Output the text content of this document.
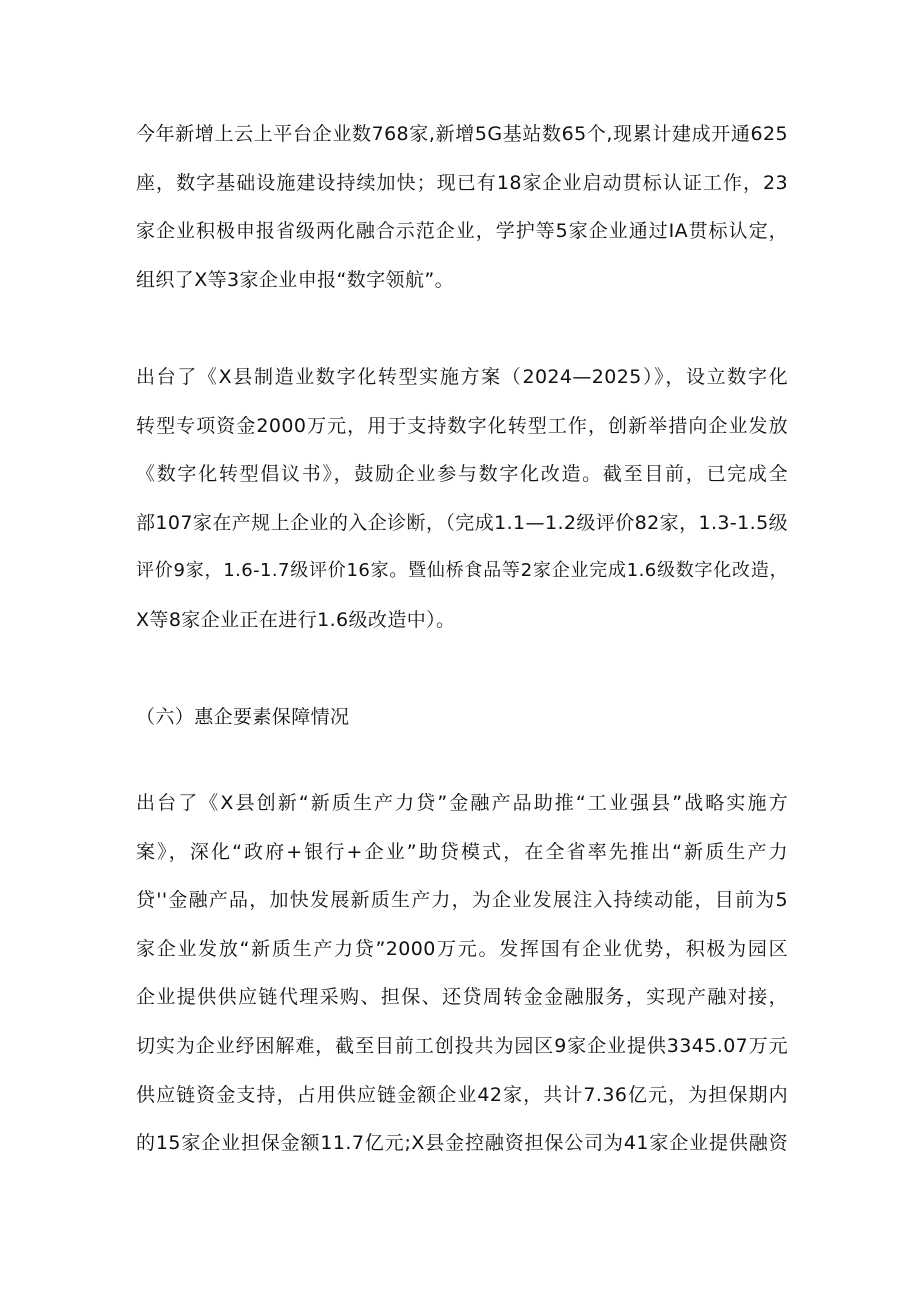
今年新增上云上平台企业数768家,新增5G基站数65个,现累计建成开通625
座，数字基础设施建设持续加快；现已有18家企业启动贯标认证工作，23
家企业积极申报省级两化融合示范企业，学护等5家企业通过IA贯标认定，
组织了X等3家企业申报“数字领航”。
出台了《X县制造业数字化转型实施方案（2024—2025）》，设立数字化
转型专项资金2000万元，用于支持数字化转型工作，创新举措向企业发放
《数字化转型倡议书》，鼓励企业参与数字化改造。截至目前，已完成全
部107家在产规上企业的入企诊断，（完成1.1—1.2级评价82家，1.3-1.5级
评价9家，1.6-1.7级评价16家。暨仙桥食品等2家企业完成1.6级数字化改造，
X等8家企业正在进行1.6级改造中）。
（六）惠企要素保障情况
出台了《X县创新“新质生产力贷”金融产品助推“工业强县”战略实施方
案》，深化“政府+银行+企业”助贷模式，在全省率先推出“新质生产力
贷''金融产品，加快发展新质生产力，为企业发展注入持续动能，目前为5
家企业发放“新质生产力贷”2000万元。发挥国有企业优势，积极为园区
企业提供供应链代理采购、担保、还贷周转金金融服务，实现产融对接，
切实为企业纾困解难，截至目前工创投共为园区9家企业提供3345.07万元
供应链资金支持，占用供应链金额企业42家，共计7.36亿元，为担保期内
的15家企业担保金额11.7亿元;X县金控融资担保公司为41家企业提供融资
